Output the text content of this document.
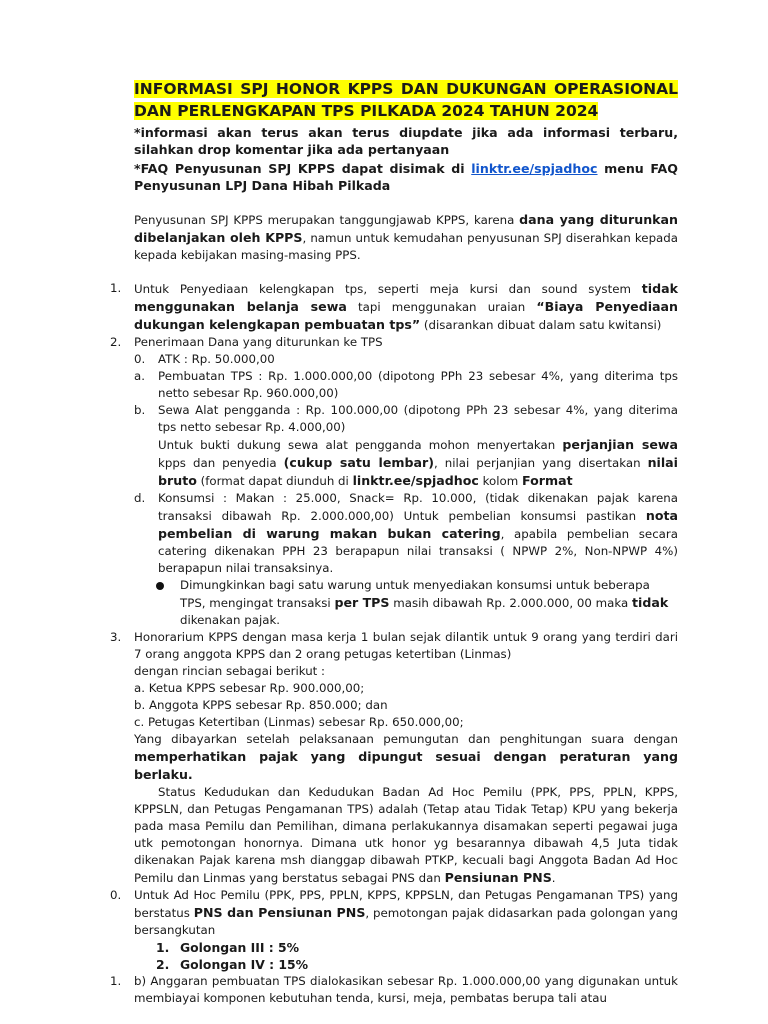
INFORMASI SPJ HONOR KPPS DAN DUKUNGAN OPERASIONAL
DAN PERLENGKAPAN TPS PILKADA 2024 TAHUN 2024
*informasi akan terus akan terus diupdate jika ada informasi terbaru, silahkan drop komentar jika ada pertanyaan
*FAQ Penyusunan SPJ KPPS dapat disimak di linktr.ee/spjadhoc menu FAQ Penyusunan LPJ Dana Hibah Pilkada
Penyusunan SPJ KPPS merupakan tanggungjawab KPPS, karena dana yang diturunkan dibelanjakan oleh KPPS, namun untuk kemudahan penyusunan SPJ diserahkan kepada kepada kebijakan masing-masing PPS.
1. Untuk Penyediaan kelengkapan tps, seperti meja kursi dan sound system tidak menggunakan belanja sewa tapi menggunakan uraian “Biaya Penyediaan dukungan kelengkapan pembuatan tps” (disarankan dibuat dalam satu kwitansi)
2. Penerimaan Dana yang diturunkan ke TPS
0. ATK : Rp. 50.000,00
a. Pembuatan TPS : Rp. 1.000.000,00 (dipotong PPh 23 sebesar 4%, yang diterima tps netto sebesar Rp. 960.000,00)
b. Sewa Alat pengganda : Rp. 100.000,00 (dipotong PPh 23 sebesar 4%, yang diterima tps netto sebesar Rp. 4.000,00)
Untuk bukti dukung sewa alat pengganda mohon menyertakan perjanjian sewa kpps dan penyedia (cukup satu lembar), nilai perjanjian yang disertakan nilai bruto (format dapat diunduh di linktr.ee/spjadhoc kolom Format
d. Konsumsi : Makan : 25.000, Snack= Rp. 10.000, (tidak dikenakan pajak karena transaksi dibawah Rp. 2.000.000,00) Untuk pembelian konsumsi pastikan nota pembelian di warung makan bukan catering, apabila pembelian secara catering dikenakan PPH 23 berapapun nilai transaksi ( NPWP 2%, Non-NPWP 4%) berapapun nilai transaksinya.
Dimungkinkan bagi satu warung untuk menyediakan konsumsi untuk beberapa TPS, mengingat transaksi per TPS masih dibawah Rp. 2.000.000, 00 maka tidak dikenakan pajak.
3. Honorarium KPPS dengan masa kerja 1 bulan sejak dilantik untuk 9 orang yang terdiri dari 7 orang anggota KPPS dan 2 orang petugas ketertiban (Linmas)
dengan rincian sebagai berikut :
a. Ketua KPPS sebesar Rp. 900.000,00;
b. Anggota KPPS sebesar Rp. 850.000; dan
c. Petugas Ketertiban (Linmas) sebesar Rp. 650.000,00;
Yang dibayarkan setelah pelaksanaan pemungutan dan penghitungan suara dengan memperhatikan pajak yang dipungut sesuai dengan peraturan yang berlaku.
Status Kedudukan dan Kedudukan Badan Ad Hoc Pemilu (PPK, PPS, PPLN, KPPS, KPPSLN, dan Petugas Pengamanan TPS) adalah (Tetap atau Tidak Tetap) KPU yang bekerja pada masa Pemilu dan Pemilihan, dimana perlakukannya disamakan seperti pegawai juga utk pemotongan honornya. Dimana utk honor yg besarannya dibawah 4,5 Juta tidak dikenakan Pajak karena msh dianggap dibawah PTKP, kecuali bagi Anggota Badan Ad Hoc Pemilu dan Linmas yang berstatus sebagai PNS dan Pensiunan PNS.
0. Untuk Ad Hoc Pemilu (PPK, PPS, PPLN, KPPS, KPPSLN, dan Petugas Pengamanan TPS) yang berstatus PNS dan Pensiunan PNS, pemotongan pajak didasarkan pada golongan yang bersangkutan
1. Golongan III : 5%
2. Golongan IV : 15%
1. b) Anggaran pembuatan TPS dialokasikan sebesar Rp. 1.000.000,00 yang digunakan untuk membiayai komponen kebutuhan tenda, kursi, meja, pembatas berupa tali atau
